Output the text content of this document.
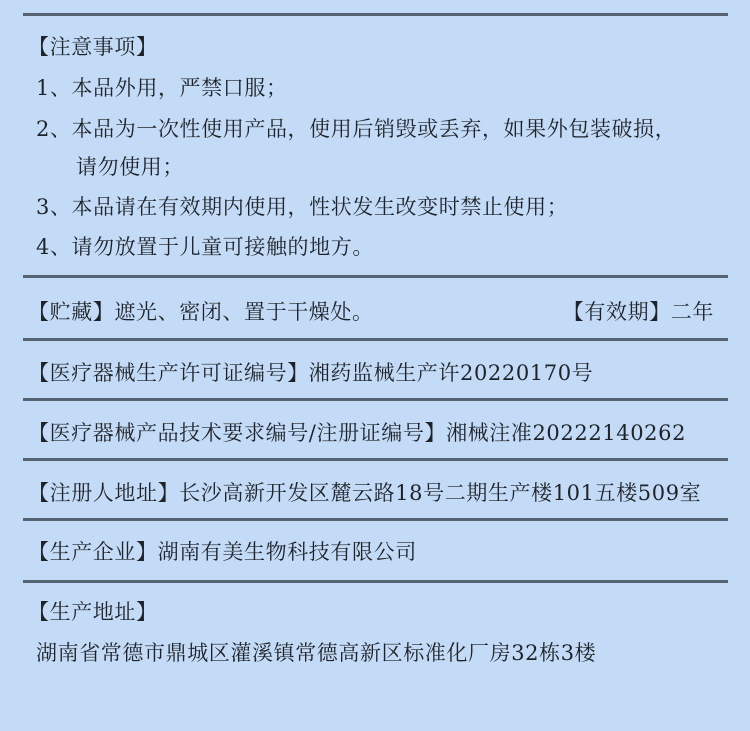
【注意事项】
1、本品外用，严禁口服；
2、本品为一次性使用产品，使用后销毁或丢弃，如果外包装破损，
请勿使用；
3、本品请在有效期内使用，性状发生改变时禁止使用；
4、请勿放置于儿童可接触的地方。
【贮藏】遮光、密闭、置于干燥处。	【有效期】二年
【医疗器械生产许可证编号】湘药监械生产许20220170号
【医疗器械产品技术要求编号/注册证编号】湘械注准20222140262
【注册人地址】长沙高新开发区麓云路18号二期生产楼101五楼509室
【生产企业】湖南有美生物科技有限公司
【生产地址】
湖南省常德市鼎城区灌溪镇常德高新区标准化厂房32栋3楼
